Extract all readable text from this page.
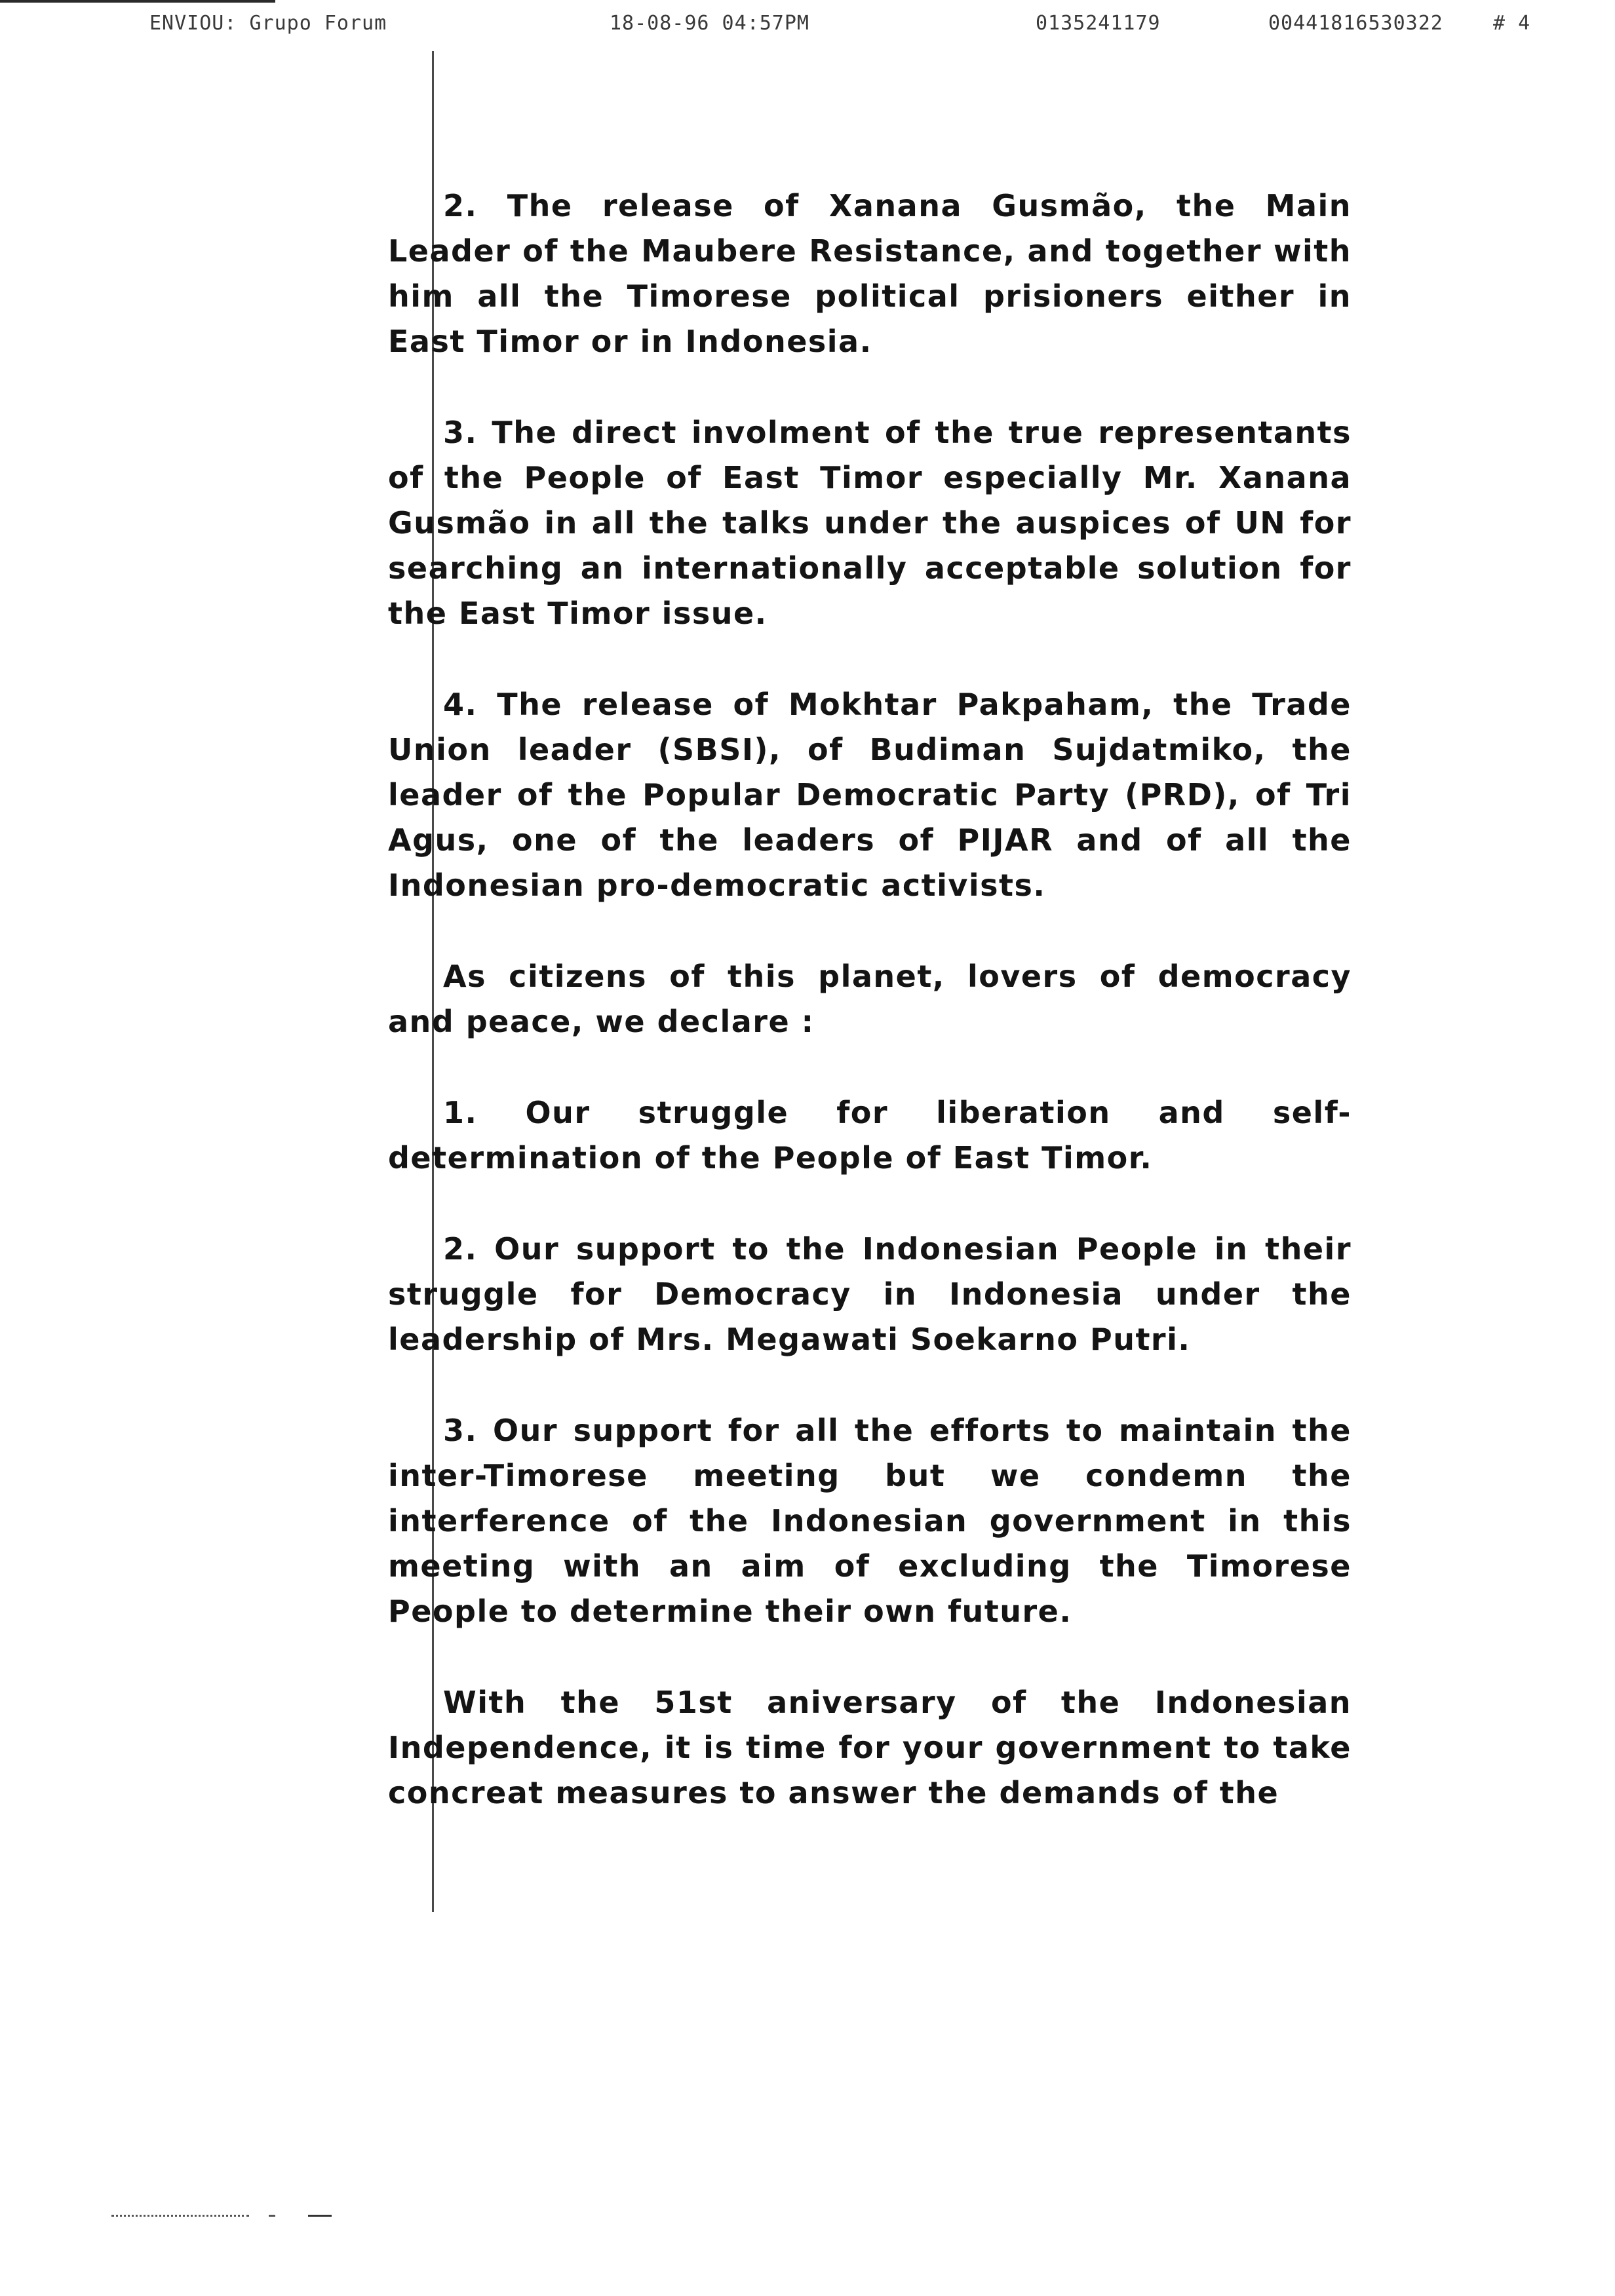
ENVIOU: Grupo Forum	18-08-96 04:57PM	0135241179	00441816530322	# 4

2. The release of Xanana Gusmão, the Main Leader of the Maubere Resistance, and together with him all the Timorese political prisioners either in East Timor or in Indonesia.

3. The direct involment of the true representants of the People of East Timor especially Mr. Xanana Gusmão in all the talks under the auspices of UN for searching an internationally acceptable solution for the East Timor issue.

4. The release of Mokhtar Pakpaham, the Trade Union leader (SBSI), of Budiman Sujdatmiko, the leader of the Popular Democratic Party (PRD), of Tri Agus, one of the leaders of PIJAR and of all the Indonesian pro-democratic activists.

As citizens of this planet, lovers of democracy and peace, we declare :

1. Our struggle for liberation and self-determination of the People of East Timor.

2. Our support to the Indonesian People in their struggle for Democracy in Indonesia under the leadership of Mrs. Megawati Soekarno Putri.

3. Our support for all the efforts to maintain the inter-Timorese meeting but we condemn the interference of the Indonesian government in this meeting with an aim of excluding the Timorese People to determine their own future.

With the 51st aniversary of the Indonesian Independence, it is time for your government to take concreat measures to answer the demands of the
